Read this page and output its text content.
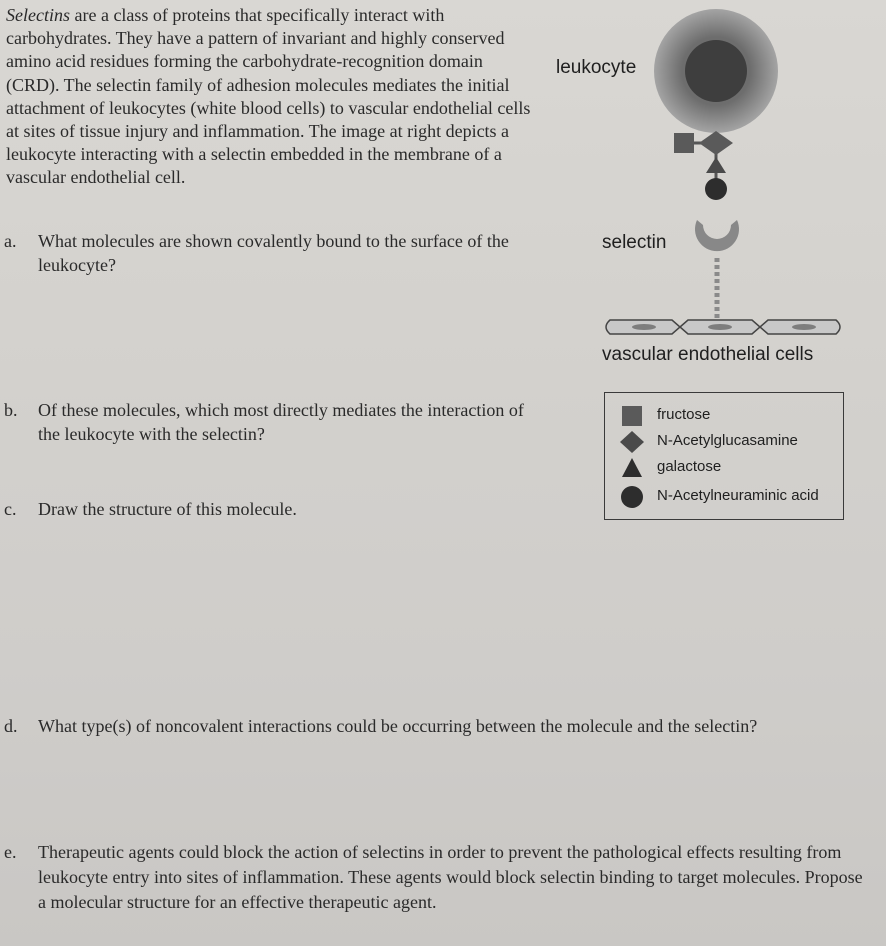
Selectins are a class of proteins that specifically interact with carbohydrates. They have a pattern of invariant and highly conserved amino acid residues forming the carbohydrate-recognition domain (CRD). The selectin family of adhesion molecules mediates the initial attachment of leukocytes (white blood cells) to vascular endothelial cells at sites of tissue injury and inflammation. The image at right depicts a leukocyte interacting with a selectin embedded in the membrane of a vascular endothelial cell.

a. What molecules are shown covalently bound to the surface of the leukocyte?
b. Of these molecules, which most directly mediates the interaction of the leukocyte with the selectin?
c. Draw the structure of this molecule.
d. What type(s) of noncovalent interactions could be occurring between the molecule and the selectin?
e. Therapeutic agents could block the action of selectins in order to prevent the pathological effects resulting from leukocyte entry into sites of inflammation. These agents would block selectin binding to target molecules. Propose a molecular structure for an effective therapeutic agent.
leukocyte
selectin
vascular endothelial cells
fructose
N-Acetylglucasamine
galactose
N-Acetylneuraminic acid
